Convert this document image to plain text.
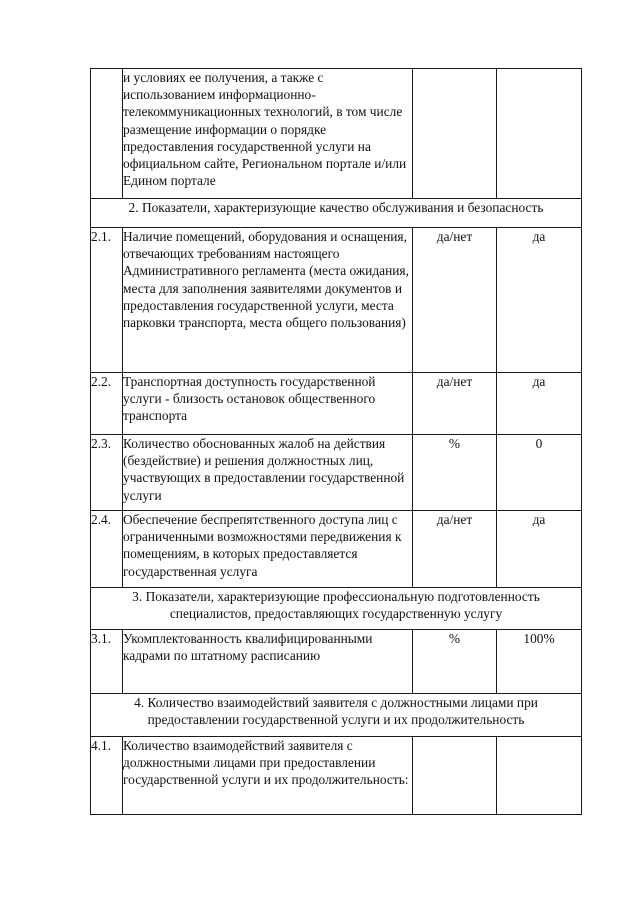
	и условиях ее получения, а также с использованием информационно-телекоммуникационных технологий, в том числе размещение информации о порядке предоставления государственной услуги на официальном сайте, Региональном портале и/или Едином портале		
2. Показатели, характеризующие качество обслуживания и безопасность			
2.1.	Наличие помещений, оборудования и оснащения, отвечающих требованиям настоящего Административного регламента (места ожидания, места для заполнения заявителями документов и предоставления государственной услуги, места парковки транспорта, места общего пользования)	да/нет	да
2.2.	Транспортная доступность государственной услуги - близость остановок общественного транспорта	да/нет	да
2.3.	Количество обоснованных жалоб на действия (бездействие) и решения должностных лиц, участвующих в предоставлении государственной услуги	%	0
2.4.	Обеспечение беспрепятственного доступа лиц с ограниченными возможностями передвижения к помещениям, в которых предоставляется государственная услуга	да/нет	да
3. Показатели, характеризующие профессиональную подготовленность специалистов, предоставляющих государственную услугу			
3.1.	Укомплектованность квалифицированными кадрами по штатному расписанию	%	100%
4. Количество взаимодействий заявителя с должностными лицами при предоставлении государственной услуги и их продолжительность			
4.1.	Количество взаимодействий заявителя с должностными лицами при предоставлении государственной услуги и их продолжительность:		
